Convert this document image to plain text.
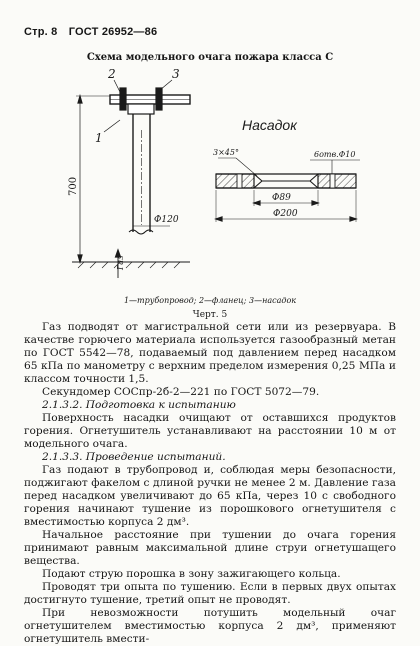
Стр. 8 ГОСТ 26952—86
Схема модельного очага пожара класса С
1
2	3
700
Φ120
Газ
Насадок
3×45°	6отв.Φ10
Φ89
Φ200
1—трубопровод; 2—фланец; 3—насадок
Черт. 5

Газ подводят от магистральной сети или из резервуара. В качестве горючего материала используется газообразный метан по ГОСТ 5542—78, подаваемый под давлением перед насадком 65 кПа по манометру с верхним пределом измерения 0,25 МПа и классом точности 1,5.

Секундомер СОСпр-2б-2—221 по ГОСТ 5072—79.

2.1.3.2. Подготовка к испытанию

Поверхность насадки очищают от оставшихся продуктов горения. Огнетушитель устанавливают на расстоянии 10 м от модельного очага.

2.1.3.3. Проведение испытаний.

Газ подают в трубопровод и, соблюдая меры безопасности, поджигают факелом с длиной ручки не менее 2 м. Давление газа перед насадком увеличивают до 65 кПа, через 10 с свободного горения начинают тушение из порошкового огнетушителя с вместимостью корпуса 2 дм³.

Начальное расстояние при тушении до очага горения принимают равным максимальной длине струи огнетушащего вещества.

Подают струю порошка в зону зажигающего кольца.

Проводят три опыта по тушению. Если в первых двух опытах достигнуто тушение, третий опыт не проводят.

При невозможности потушить модельный очаг огнетушителем вместимостью корпуса 2 дм³, применяют огнетушитель вмести-
